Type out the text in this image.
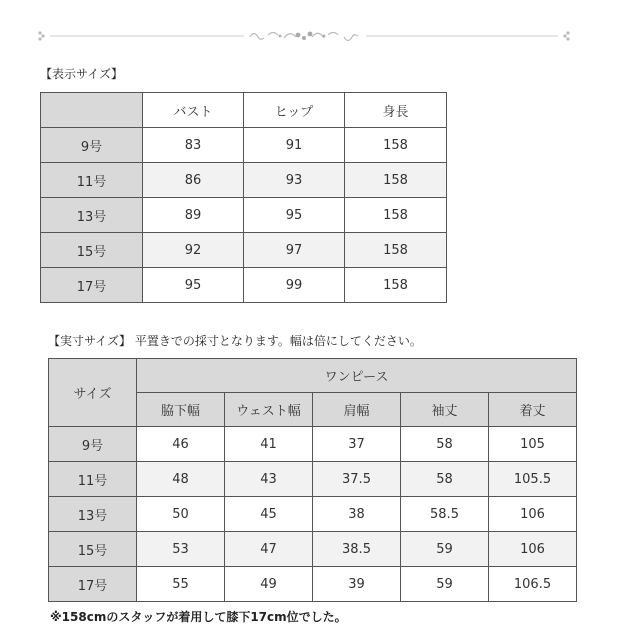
【表示サイズ】
	バスト	ヒップ	身長
9号	83	91	158
11号	86	93	158
13号	89	95	158
15号	92	97	158
17号	95	99	158
【実寸サイズ】 平置きでの採寸となります。幅は倍にしてください。
サイズ	ワンピース				
	脇下幅	ウェスト幅	肩幅	袖丈	着丈
9号	46	41	37	58	105
11号	48	43	37.5	58	105.5
13号	50	45	38	58.5	106
15号	53	47	38.5	59	106
17号	55	49	39	59	106.5
※158cmのスタッフが着用して膝下17cm位でした。
